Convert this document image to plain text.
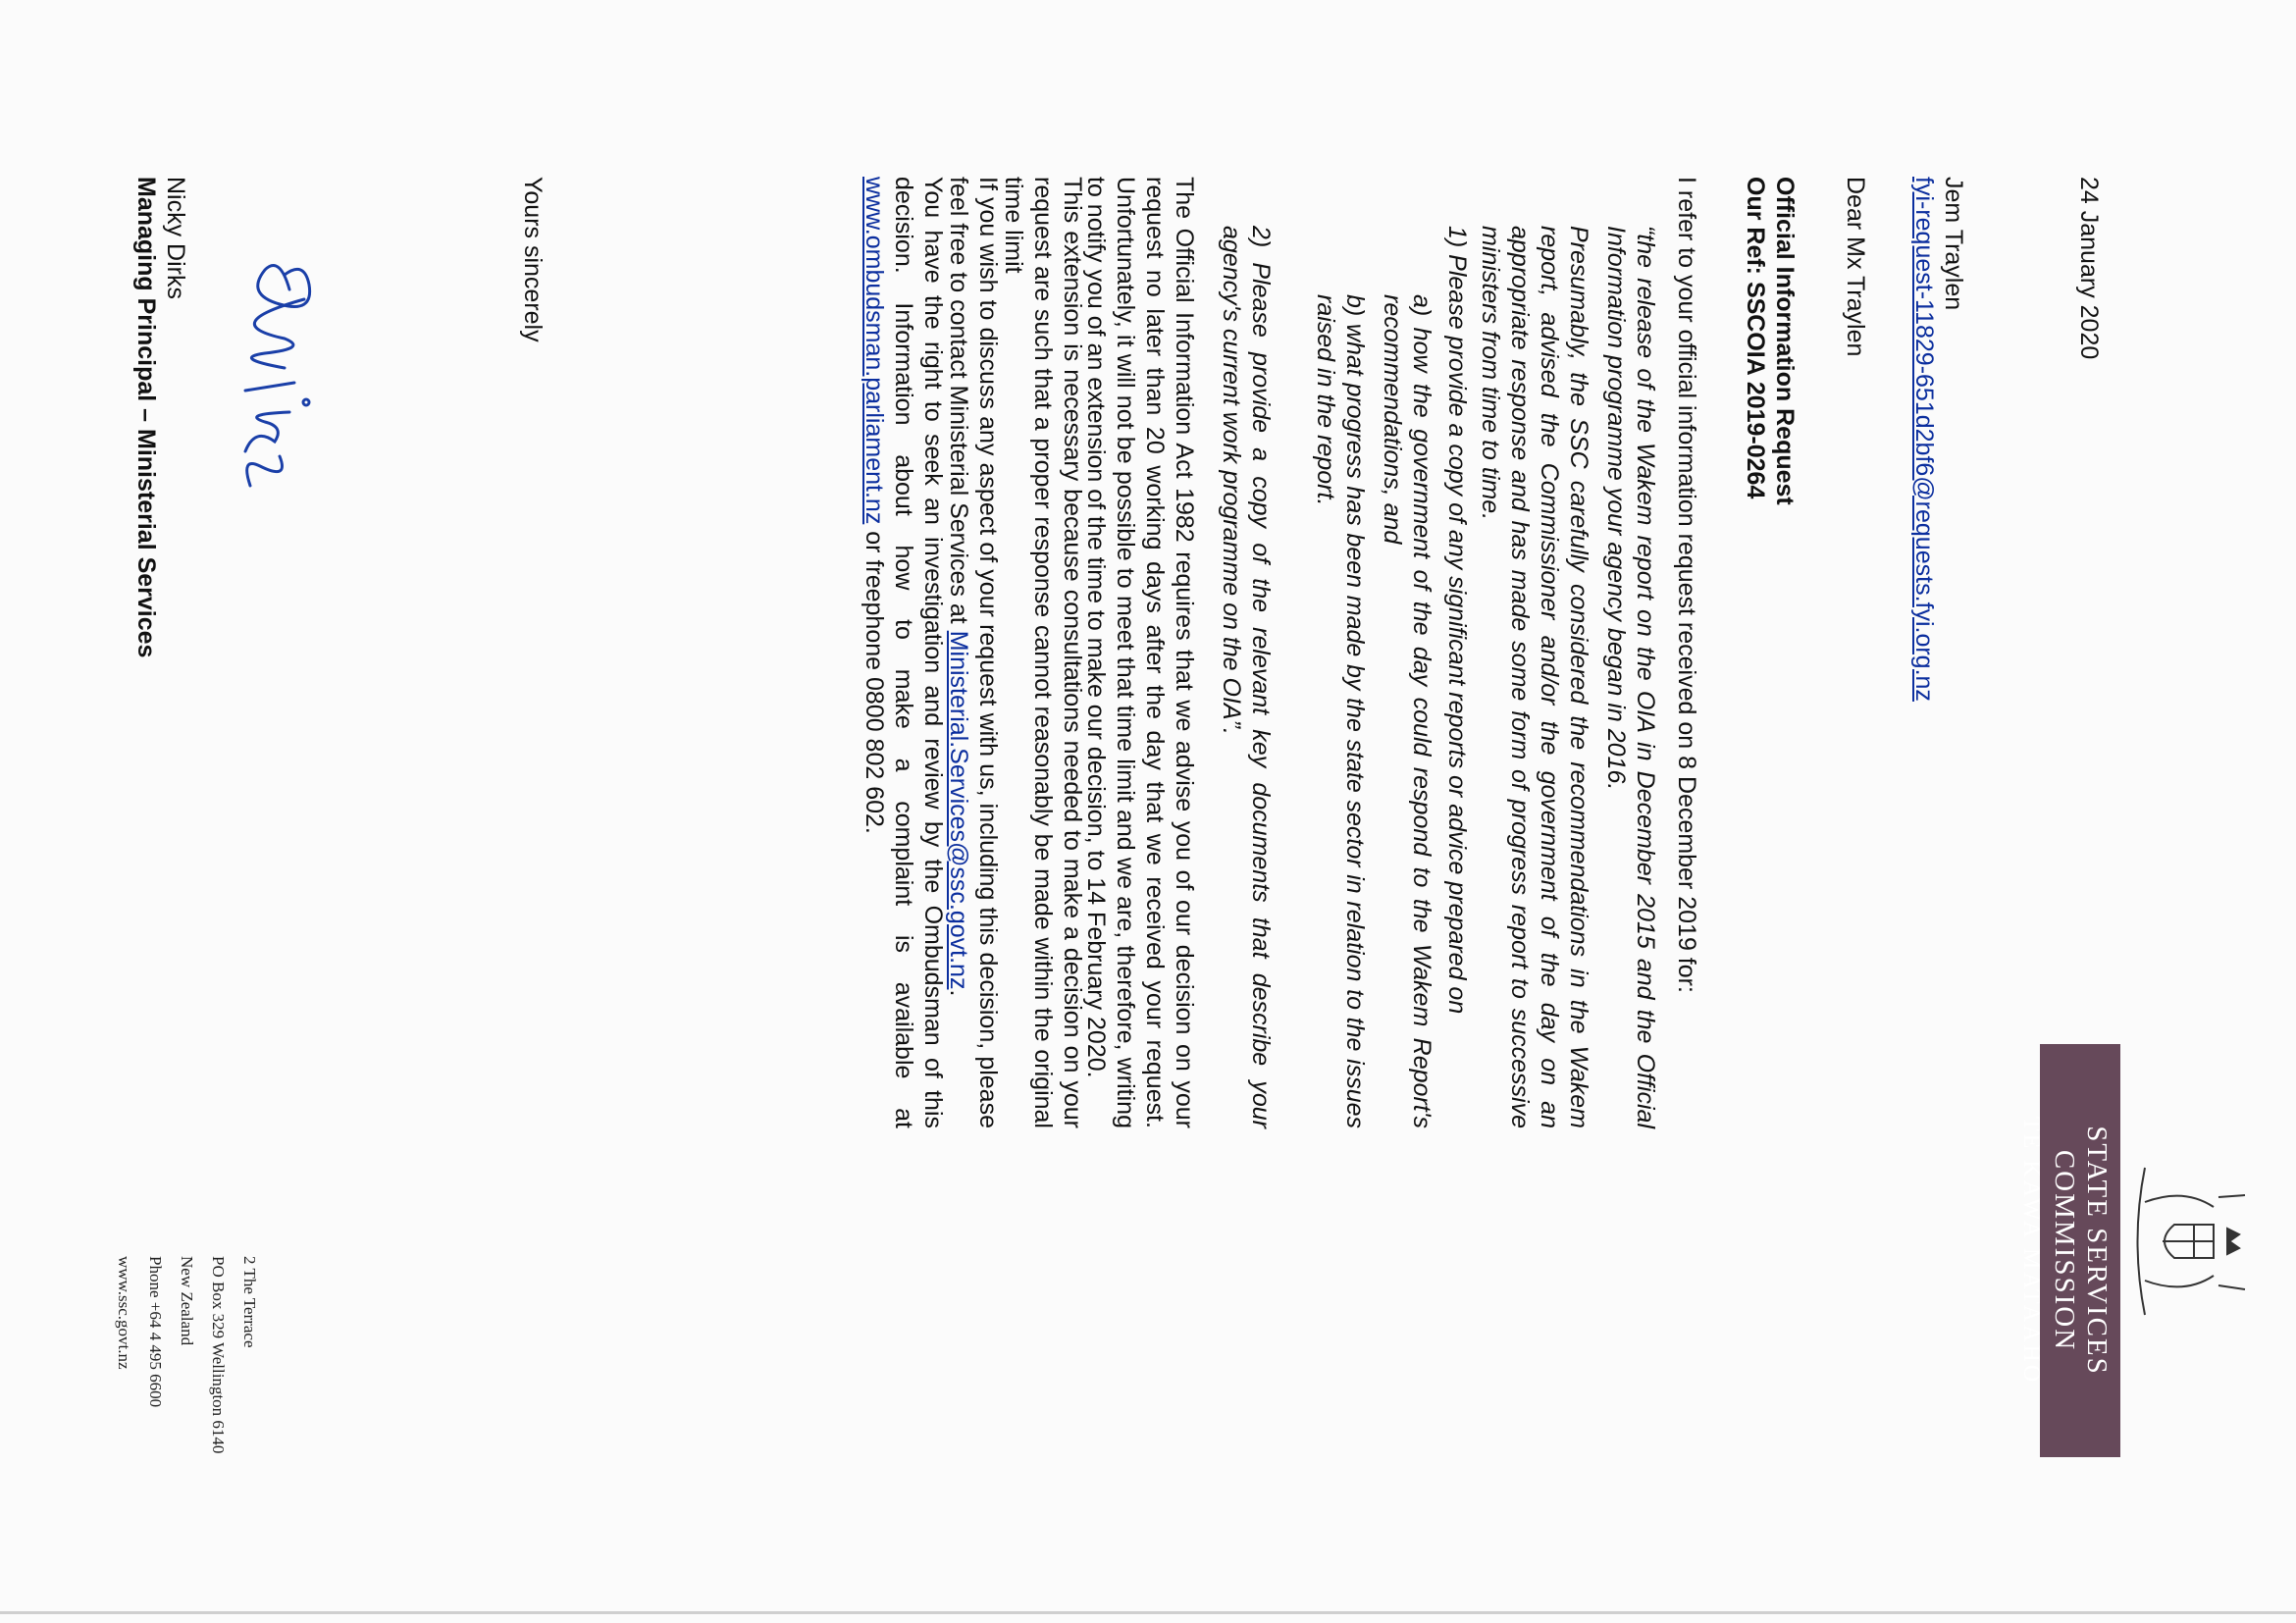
STATE SERVICES COMMISSION
TE KAWA MATAAHO
24 January 2020
Jem Traylen
fyi-request-11829-651d2bf6@requests.fyi.org.nz
Dear Mx Traylen
Official Information Request
Our Ref: SSCOIA 2019-0264
I refer to your official information request received on 8 December 2019 for:
“the release of the Wakem report on the OIA in December 2015 and the Official Information programme your agency began in 2016.
Presumably, the SSC carefully considered the recommendations in the Wakem report, advised the Commissioner and/or the government of the day on an appropriate response and has made some form of progress report to successive ministers from time to time.
1) Please provide a copy of any significant reports or advice prepared on
a) how the government of the day could respond to the Wakem Report's recommendations, and
b) what progress has been made by the state sector in relation to the issues raised in the report.
2) Please provide a copy of the relevant key documents that describe your agency's current work programme on the OIA”.
The Official Information Act 1982 requires that we advise you of our decision on your request no later than 20 working days after the day that we received your request. Unfortunately, it will not be possible to meet that time limit and we are, therefore, writing to notify you of an extension of the time to make our decision, to 14 February 2020.
This extension is necessary because consultations needed to make a decision on your request are such that a proper response cannot reasonably be made within the original time limit
If you wish to discuss any aspect of your request with us, including this decision, please feel free to contact Ministerial Services at Ministerial.Services@ssc.govt.nz.
You have the right to seek an investigation and review by the Ombudsman of this decision. Information about how to make a complaint is available at www.ombudsman.parliament.nz or freephone 0800 802 602.
Yours sincerely
Nicky Dirks
Managing Principal – Ministerial Services
2 The Terrace
PO Box 329 Wellington 6140
New Zealand
Phone +64 4 495 6600
www.ssc.govt.nz
